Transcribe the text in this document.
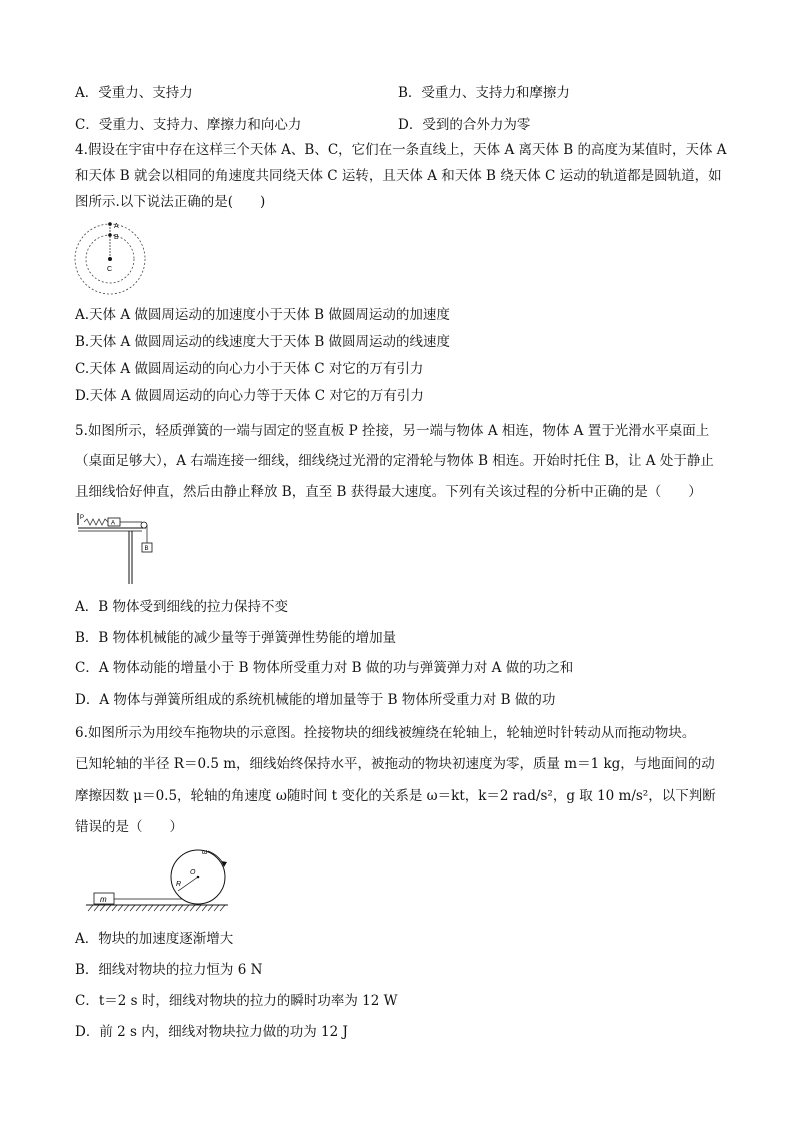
A．受重力、支持力	B．受重力、支持力和摩擦力
C．受重力、支持力、摩擦力和向心力	D．受到的合外力为零
4.假设在宇宙中存在这样三个天体 A、B、C，它们在一条直线上，天体 A 离天体 B 的高度为某值时，天体 A
和天体 B 就会以相同的角速度共同绕天体 C 运转，且天体 A 和天体 B 绕天体 C 运动的轨道都是圆轨道，如
图所示.以下说法正确的是(　　)
A
B
C
A.天体 A 做圆周运动的加速度小于天体 B 做圆周运动的加速度
B.天体 A 做圆周运动的线速度大于天体 B 做圆周运动的线速度
C.天体 A 做圆周运动的向心力小于天体 C 对它的万有引力
D.天体 A 做圆周运动的向心力等于天体 C 对它的万有引力
5.如图所示，轻质弹簧的一端与固定的竖直板 P 拴接，另一端与物体 A 相连，物体 A 置于光滑水平桌面上
（桌面足够大），A 右端连接一细线，细线绕过光滑的定滑轮与物体 B 相连。开始时托住 B，让 A 处于静止
且细线恰好伸直，然后由静止释放 B，直至 B 获得最大速度。下列有关该过程的分析中正确的是（　　）
P
A
B
A．B 物体受到细线的拉力保持不变
B．B 物体机械能的减少量等于弹簧弹性势能的增加量
C．A 物体动能的增量小于 B 物体所受重力对 B 做的功与弹簧弹力对 A 做的功之和
D．A 物体与弹簧所组成的系统机械能的增加量等于 B 物体所受重力对 B 做的功
6.如图所示为用绞车拖物块的示意图。拴接物块的细线被缠绕在轮轴上，轮轴逆时针转动从而拖动物块。
已知轮轴的半径 R＝0.5 m，细线始终保持水平，被拖动的物块初速度为零，质量 m＝1 kg，与地面间的动
摩擦因数 μ＝0.5，轮轴的角速度 ω随时间 t 变化的关系是 ω＝kt，k＝2 rad/s²，g 取 10 m/s²，以下判断
错误的是（　　）
m
R
O
ω
A．物块的加速度逐渐增大
B．细线对物块的拉力恒为 6 N
C．t＝2 s 时，细线对物块的拉力的瞬时功率为 12 W
D．前 2 s 内，细线对物块拉力做的功为 12 J
